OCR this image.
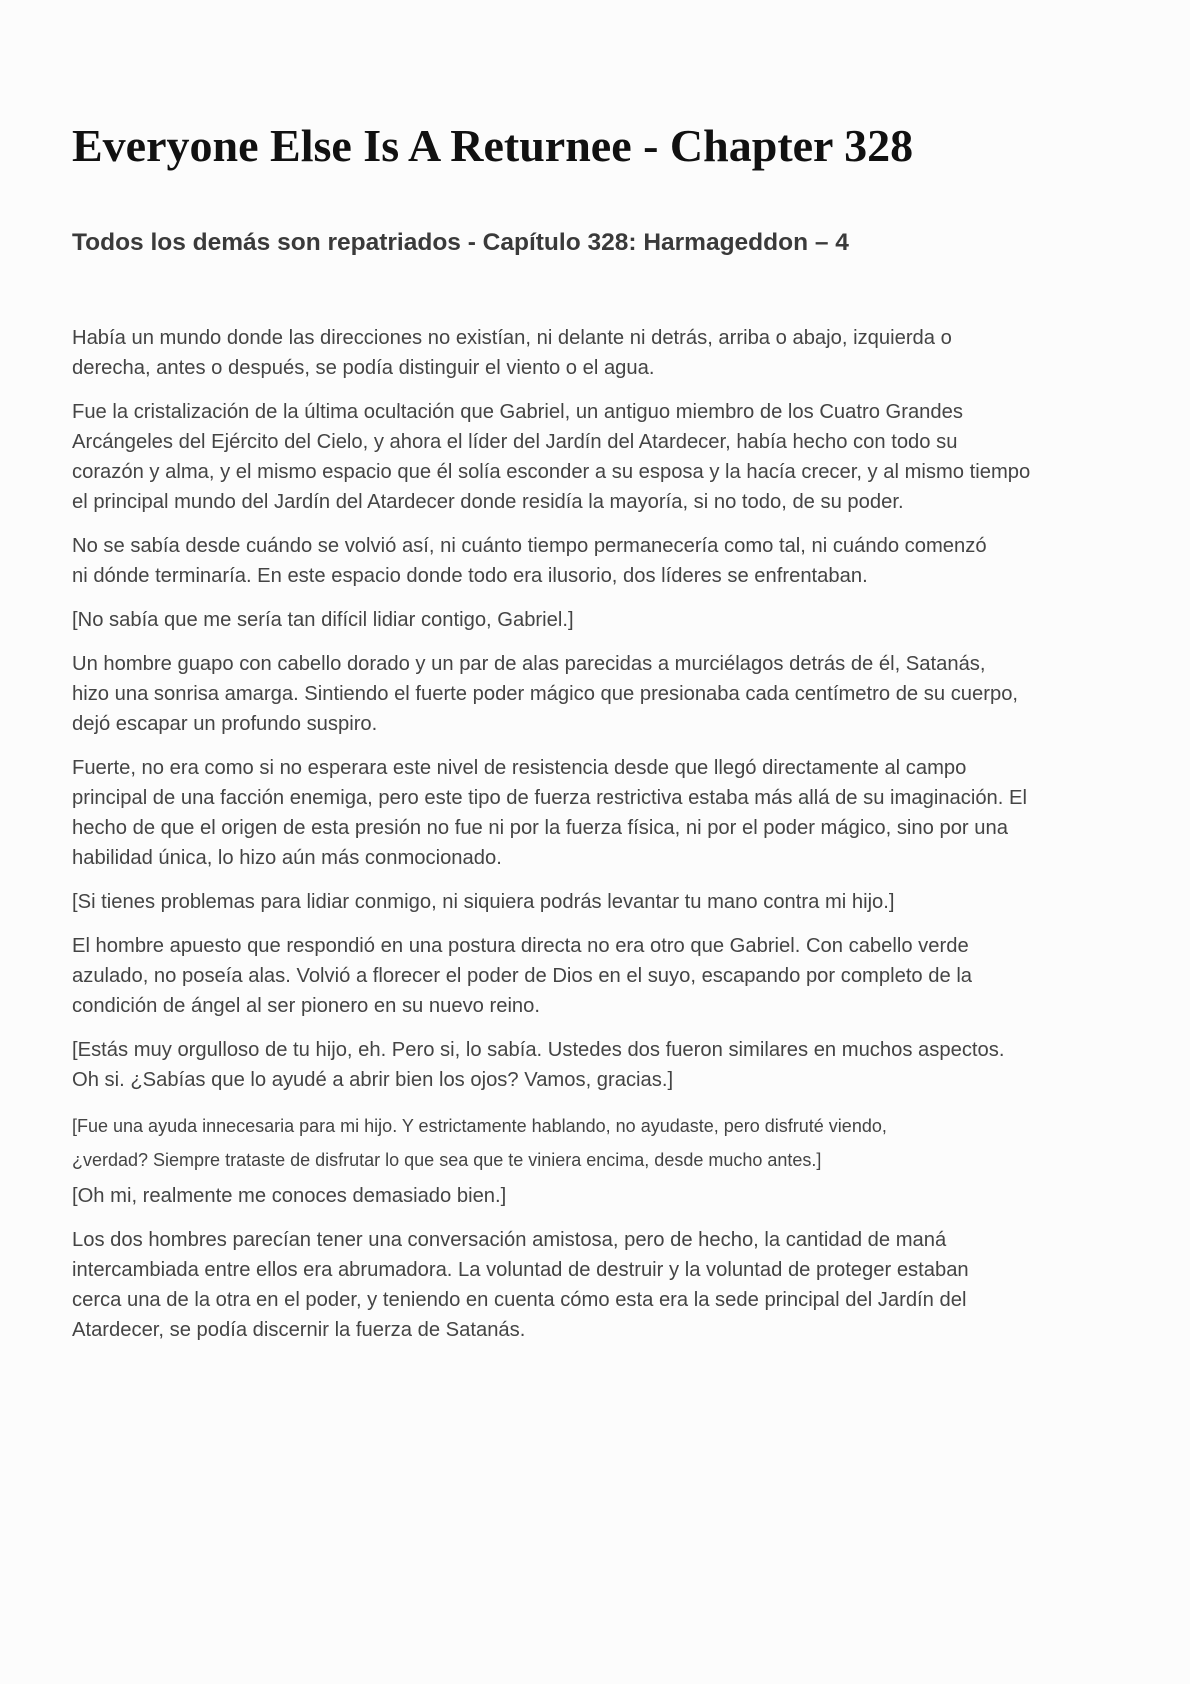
Everyone Else Is A Returnee - Chapter 328
Todos los demás son repatriados - Capítulo 328: Harmageddon – 4

Había un mundo donde las direcciones no existían, ni delante ni detrás, arriba o abajo, izquierda o
derecha, antes o después, se podía distinguir el viento o el agua.

Fue la cristalización de la última ocultación que Gabriel, un antiguo miembro de los Cuatro Grandes
Arcángeles del Ejército del Cielo, y ahora el líder del Jardín del Atardecer, había hecho con todo su
corazón y alma, y el mismo espacio que él solía esconder a su esposa y la hacía crecer, y al mismo tiempo
el principal mundo del Jardín del Atardecer donde residía la mayoría, si no todo, de su poder.

No se sabía desde cuándo se volvió así, ni cuánto tiempo permanecería como tal, ni cuándo comenzó
ni dónde terminaría. En este espacio donde todo era ilusorio, dos líderes se enfrentaban.

[No sabía que me sería tan difícil lidiar contigo, Gabriel.]

Un hombre guapo con cabello dorado y un par de alas parecidas a murciélagos detrás de él, Satanás,
hizo una sonrisa amarga. Sintiendo el fuerte poder mágico que presionaba cada centímetro de su cuerpo,
dejó escapar un profundo suspiro.

Fuerte, no era como si no esperara este nivel de resistencia desde que llegó directamente al campo
principal de una facción enemiga, pero este tipo de fuerza restrictiva estaba más allá de su imaginación. El
hecho de que el origen de esta presión no fue ni por la fuerza física, ni por el poder mágico, sino por una
habilidad única, lo hizo aún más conmocionado.

[Si tienes problemas para lidiar conmigo, ni siquiera podrás levantar tu mano contra mi hijo.]

El hombre apuesto que respondió en una postura directa no era otro que Gabriel. Con cabello verde
azulado, no poseía alas. Volvió a florecer el poder de Dios en el suyo, escapando por completo de la
condición de ángel al ser pionero en su nuevo reino.

[Estás muy orgulloso de tu hijo, eh. Pero si, lo sabía. Ustedes dos fueron similares en muchos aspectos.
Oh si. ¿Sabías que lo ayudé a abrir bien los ojos? Vamos, gracias.]

[Fue una ayuda innecesaria para mi hijo. Y estrictamente hablando, no ayudaste, pero disfruté viendo,
¿verdad? Siempre trataste de disfrutar lo que sea que te viniera encima, desde mucho antes.]

[Oh mi, realmente me conoces demasiado bien.]

Los dos hombres parecían tener una conversación amistosa, pero de hecho, la cantidad de maná
intercambiada entre ellos era abrumadora. La voluntad de destruir y la voluntad de proteger estaban
cerca una de la otra en el poder, y teniendo en cuenta cómo esta era la sede principal del Jardín del
Atardecer, se podía discernir la fuerza de Satanás.
